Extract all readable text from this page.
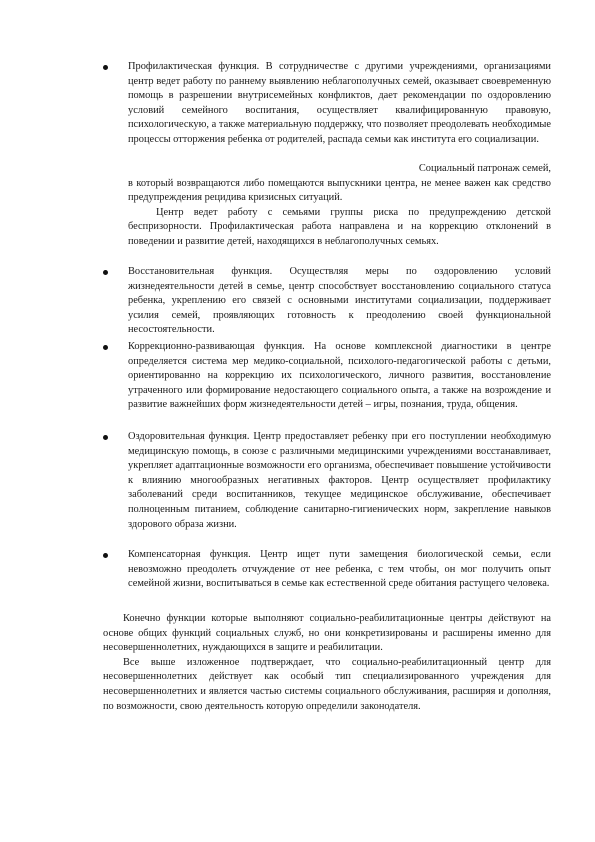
Профилактическая функция. В сотрудничестве с другими учреждениями, организациями центр ведет работу по раннему выявлению неблагополучных семей, оказывает своевременную помощь в разрешении внутрисемейных конфликтов, дает рекомендации по оздоровлению условий семейного воспитания, осуществляет квалифицированную правовую, психологическую, а также материальную поддержку, что позволяет преодолевать необходимые процессы отторжения ребенка от родителей, распада семьи как института его социализации.

Социальный патронаж семей,

в который возвращаются либо помещаются выпускники центра, не менее важен как средство предупреждения рецидива кризисных ситуаций.

Центр ведет работу с семьями группы риска по предупреждению детской беспризорности. Профилактическая работа направлена и на коррекцию отклонений в поведении и развитие детей, находящихся в неблагополучных семьях.

Восстановительная функция. Осуществляя меры по оздоровлению условий жизнедеятельности детей в семье, центр способствует восстановлению социального статуса ребенка, укреплению его связей с основными институтами социализации, поддерживает усилия семей, проявляющих готовность к преодолению своей функциональной несостоятельности.

Коррекционно-развивающая функция. На основе комплексной диагностики в центре определяется система мер медико-социальной, психолого-педагогической работы с детьми, ориентированно на коррекцию их психологического, личного развития, восстановление утраченного или формирование недостающего социального опыта, а также на возрождение и развитие важнейших форм жизнедеятельности детей – игры, познания, труда, общения.

Оздоровительная функция. Центр предоставляет ребенку при его поступлении необходимую медицинскую помощь, в союзе с различными медицинскими учреждениями восстанавливает, укрепляет адаптационные возможности его организма, обеспечивает повышение устойчивости к влиянию многообразных негативных факторов. Центр осуществляет профилактику заболеваний среди воспитанников, текущее медицинское обслуживание, обеспечивает полноценным питанием, соблюдение санитарно-гигиенических норм, закрепление навыков здорового образа жизни.

Компенсаторная функция. Центр ищет пути замещения биологической семьи, если невозможно преодолеть отчуждение от нее ребенка, с тем чтобы, он мог получить опыт семейной жизни, воспитываться в семье как естественной среде обитания растущего человека.

Конечно функции которые выполняют социально-реабилитационные центры действуют на основе общих функций социальных служб, но они конкретизированы и расширены именно для несовершеннолетних, нуждающихся в защите и реабилитации.

Все выше изложенное подтверждает, что социально-реабилитационный центр для несовершеннолетних действует как особый тип специализированного учреждения для несовершеннолетних и является частью системы социального обслуживания, расширяя и дополняя, по возможности, свою деятельность которую определили законодателя.
